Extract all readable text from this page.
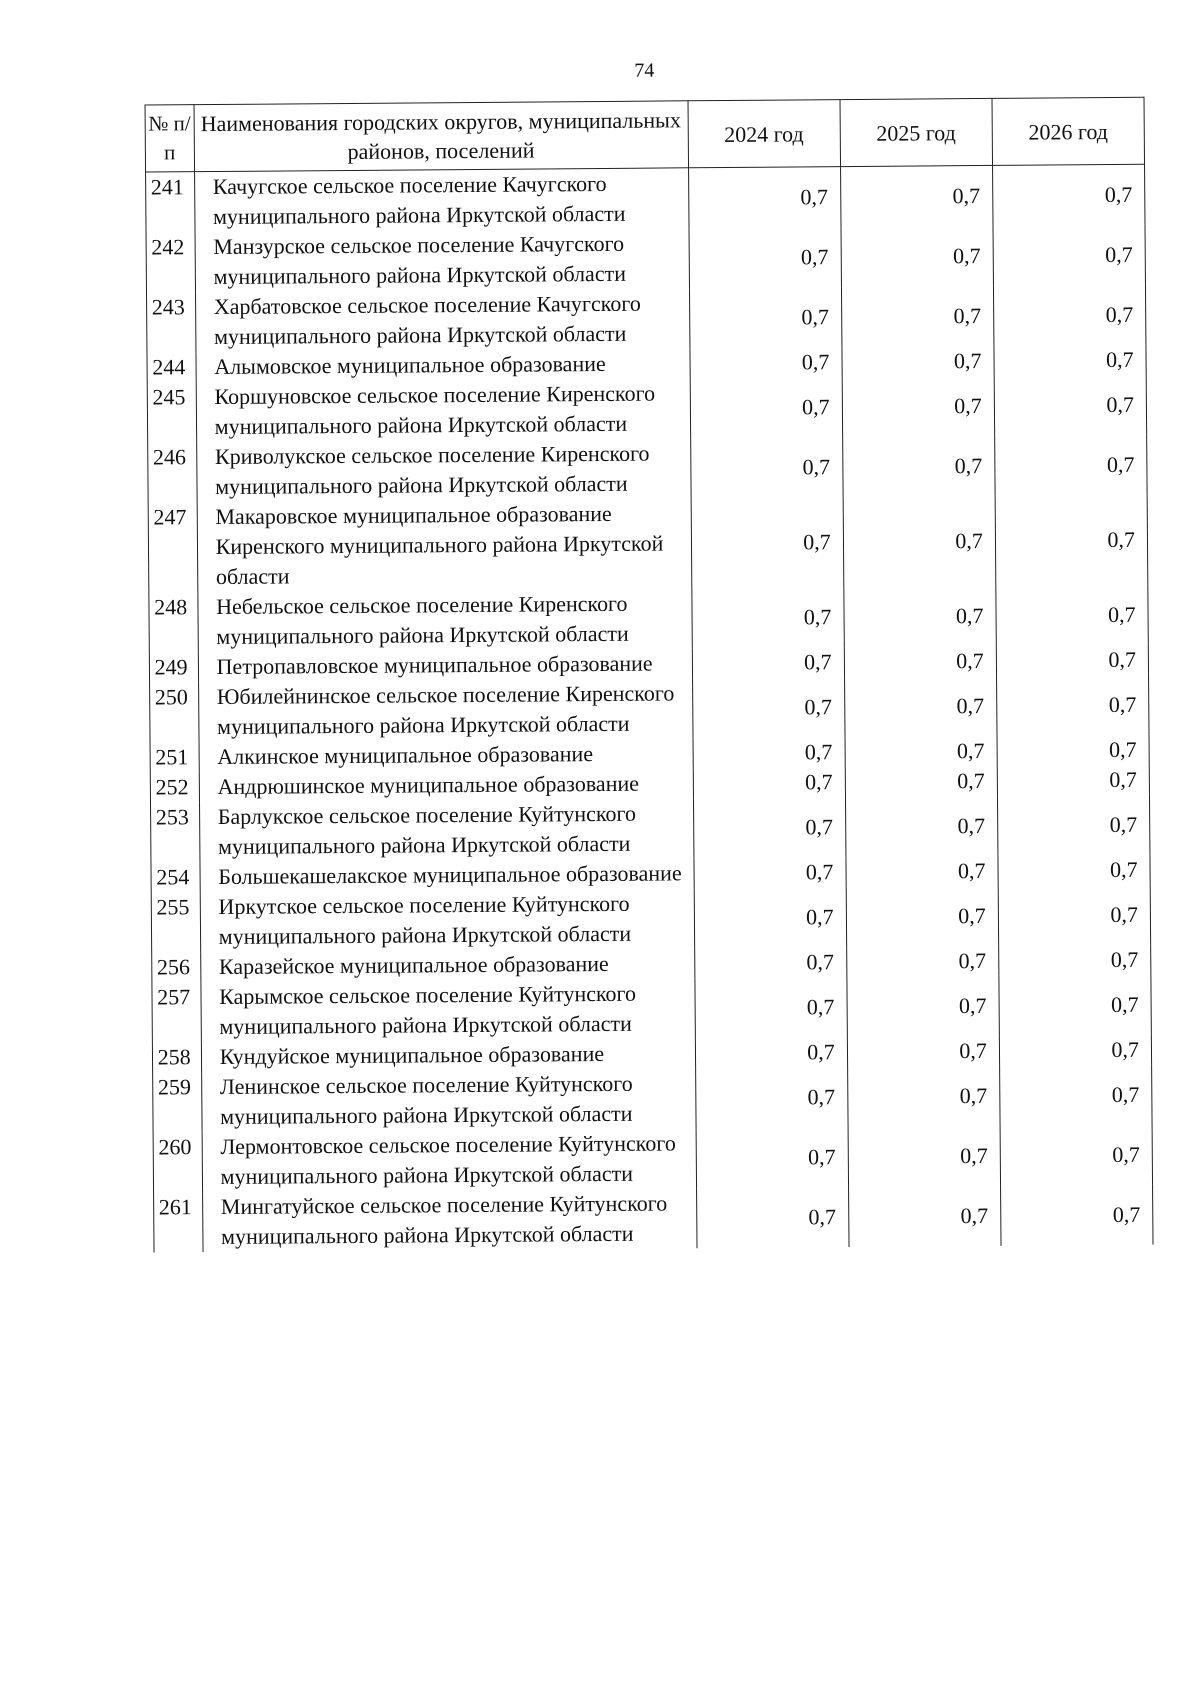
74
№ п/п	Наименования городских округов, муниципальных районов, поселений	2024 год	2025 год	2026 год
241	Качугское сельское поселение Качугского муниципального района Иркутской области	0,7	0,7	0,7
242	Манзурское сельское поселение Качугского муниципального района Иркутской области	0,7	0,7	0,7
243	Харбатовское сельское поселение Качугского муниципального района Иркутской области	0,7	0,7	0,7
244	Алымовское муниципальное образование	0,7	0,7	0,7
245	Коршуновское сельское поселение Киренского муниципального района Иркутской области	0,7	0,7	0,7
246	Криволукское сельское поселение Киренского муниципального района Иркутской области	0,7	0,7	0,7
247	Макаровское муниципальное образование Киренского муниципального района Иркутской области	0,7	0,7	0,7
248	Небельское сельское поселение Киренского муниципального района Иркутской области	0,7	0,7	0,7
249	Петропавловское муниципальное образование	0,7	0,7	0,7
250	Юбилейнинское сельское поселение Киренского муниципального района Иркутской области	0,7	0,7	0,7
251	Алкинское муниципальное образование	0,7	0,7	0,7
252	Андрюшинское муниципальное образование	0,7	0,7	0,7
253	Барлукское сельское поселение Куйтунского муниципального района Иркутской области	0,7	0,7	0,7
254	Большекашелакское муниципальное образование	0,7	0,7	0,7
255	Иркутское сельское поселение Куйтунского муниципального района Иркутской области	0,7	0,7	0,7
256	Каразейское муниципальное образование	0,7	0,7	0,7
257	Карымское сельское поселение Куйтунского муниципального района Иркутской области	0,7	0,7	0,7
258	Кундуйское муниципальное образование	0,7	0,7	0,7
259	Ленинское сельское поселение Куйтунского муниципального района Иркутской области	0,7	0,7	0,7
260	Лермонтовское сельское поселение Куйтунского муниципального района Иркутской области	0,7	0,7	0,7
261	Мингатуйское сельское поселение Куйтунского муниципального района Иркутской области	0,7	0,7	0,7
